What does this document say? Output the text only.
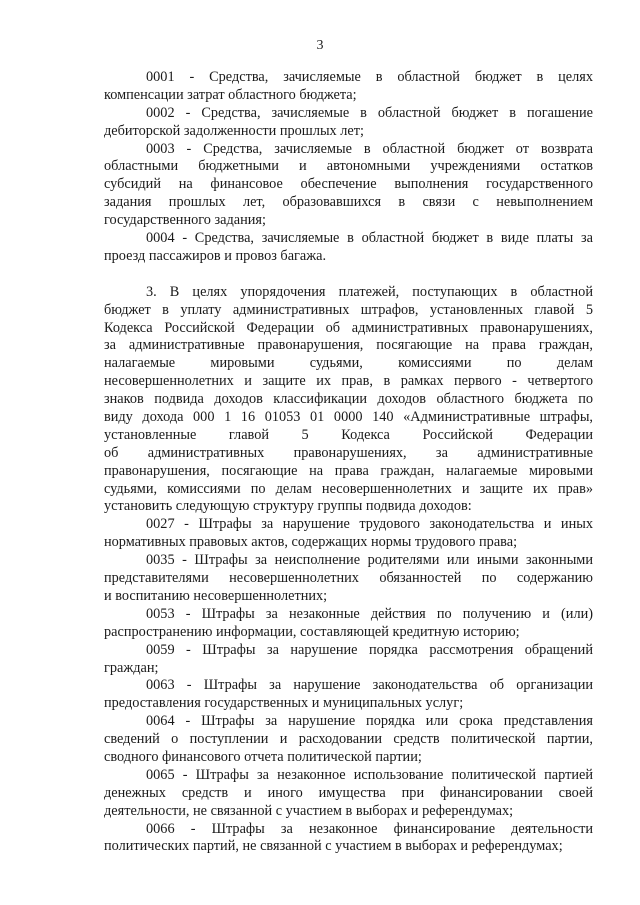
3
0001 - Средства, зачисляемые в областной бюджет в целях
компенсации затрат областного бюджета;
0002 - Средства, зачисляемые в областной бюджет в погашение
дебиторской задолженности прошлых лет;
0003 - Средства, зачисляемые в областной бюджет от возврата
областными бюджетными и автономными учреждениями остатков
субсидий на финансовое обеспечение выполнения государственного
задания прошлых лет, образовавшихся в связи с невыполнением
государственного задания;
0004 - Средства, зачисляемые в областной бюджет в виде платы за
проезд пассажиров и провоз багажа.
3. В целях упорядочения платежей, поступающих в областной
бюджет в уплату административных штрафов, установленных главой 5
Кодекса Российской Федерации об административных правонарушениях,
за административные правонарушения, посягающие на права граждан,
налагаемые мировыми судьями, комиссиями по делам
несовершеннолетних и защите их прав, в рамках первого - четвертого
знаков подвида доходов классификации доходов областного бюджета по
виду дохода 000 1 16 01053 01 0000 140 «Административные штрафы,
установленные главой 5 Кодекса Российской Федерации
об административных правонарушениях, за административные
правонарушения, посягающие на права граждан, налагаемые мировыми
судьями, комиссиями по делам несовершеннолетних и защите их прав»
установить следующую структуру группы подвида доходов:
0027 - Штрафы за нарушение трудового законодательства и иных
нормативных правовых актов, содержащих нормы трудового права;
0035 - Штрафы за неисполнение родителями или иными законными
представителями несовершеннолетних обязанностей по содержанию
и воспитанию несовершеннолетних;
0053 - Штрафы за незаконные действия по получению и (или)
распространению информации, составляющей кредитную историю;
0059 - Штрафы за нарушение порядка рассмотрения обращений
граждан;
0063 - Штрафы за нарушение законодательства об организации
предоставления государственных и муниципальных услуг;
0064 - Штрафы за нарушение порядка или срока представления
сведений о поступлении и расходовании средств политической партии,
сводного финансового отчета политической партии;
0065 - Штрафы за незаконное использование политической партией
денежных средств и иного имущества при финансировании своей
деятельности, не связанной с участием в выборах и референдумах;
0066 - Штрафы за незаконное финансирование деятельности
политических партий, не связанной с участием в выборах и референдумах;
